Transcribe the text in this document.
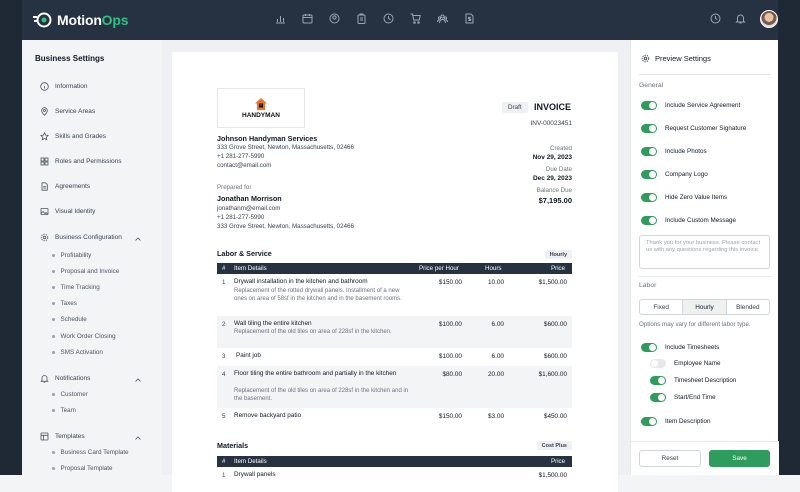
MotionOps
Business Settings
Information
Service Areas
Skills and Grades
Roles and Permissions
Agreements
Visual Identity
Business Configuration
Profitability
Proposal and Invoice
Time Tracking
Taxes
Schedule
Work Order Closing
SMS Activation
Notifications
Customer
Team
Templates
Business Card Template
Proposal Template
HANDYMAN
Johnson Handyman Services
333 Grove Street, Newton, Massachusetts, 02466
+1 281-277-5990
contact@email.com
Prepared for
Jonathan Morrison
jonathanm@email.com
+1 281-277-5990
333 Grove Street, Newton, Massachusetts, 02466
Draft	INVOICE
INV-00023451
Created
Nov 29, 2023
Due Date
Dec 29, 2023
Balance Due
$7,195.00
Labor & Service	Hourly
# Item Details	Price per Hour	Hours	Price
1 Drywall installation in the kitchen and bathroom
Replacement of the rotted drywall panels. Installment of a new ones on area of 58sf in the kitchen and in the basement rooms.
$150.00	10.00	$1,500.00
2 Wall tiling the entire kitchen
Replacement of the old tiles on area of 228sf in the kitchen.
$100.00	6.00	$600.00
3 Paint job	$100.00	6.00	$600.00
4 Floor tiling the entire bathroom and partially in the kitchen
Replacement of the old tiles on area of 228sf in the kitchen and in the basement.
$80.00	20.00	$1,600.00
5 Remove backyard patio	$150.00	$3.00	$450.00
Materials	Cost Plus
# Item Details	Price
1 Drywall panels	$1,500.00
Preview Settings
General
Include Service Agreement
Request Customer Signature
Include Photos
Company Logo
Hide Zero Value Items
Include Custom Message
Thank you for your business. Please contact us with any questions regarding this invoice.
Labor
Fixed	Hourly	Blended
Options may vary for different labor type.
Include Timesheets
Employee Name
Timesheet Description
Start/End Time
Item Description
Reset	Save
